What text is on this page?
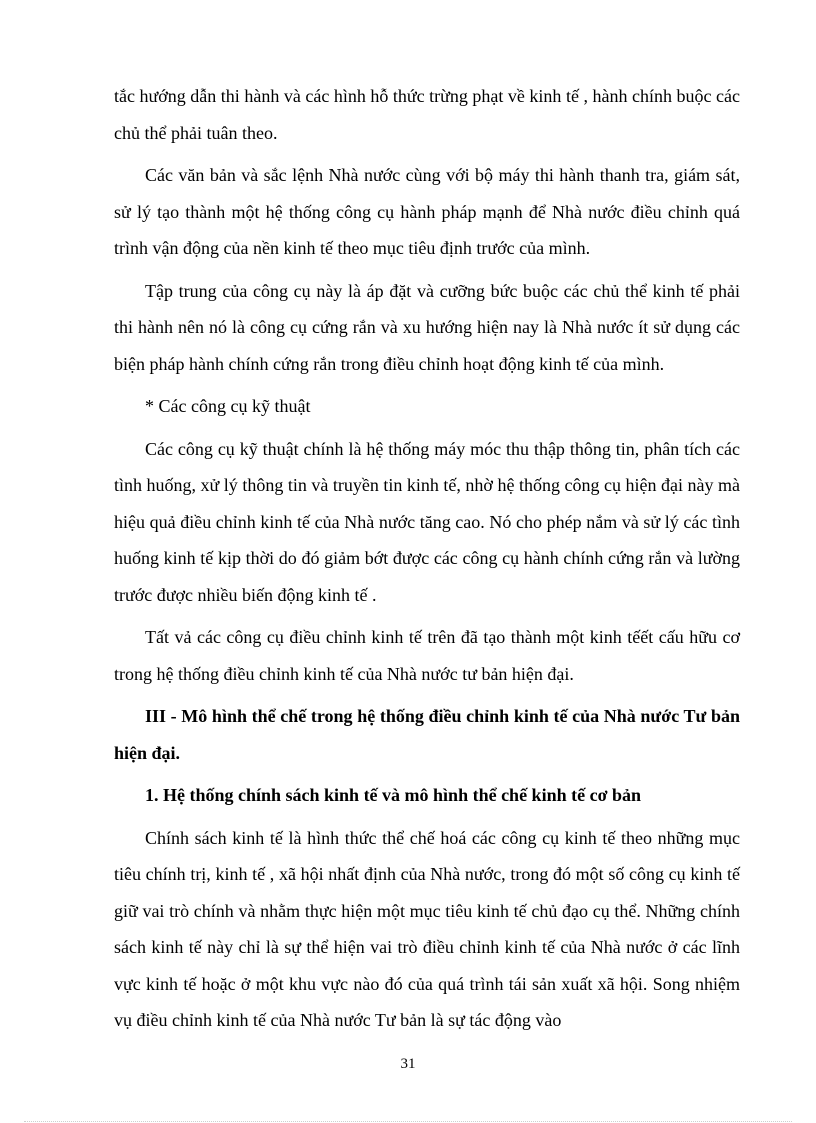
tắc hướng dẫn thi hành và các hình hỗ thức trừng phạt về kinh tế , hành chính buộc các chủ thể phải tuân theo.

Các văn bản và sắc lệnh Nhà nước cùng với bộ máy thi hành thanh tra, giám sát, sử lý tạo thành một hệ thống công cụ hành pháp mạnh để Nhà nước điều chỉnh quá trình vận động của nền kinh tế theo mục tiêu định trước của mình.

Tập trung của công cụ này là áp đặt và cưỡng bức buộc các chủ thể kinh tế phải thi hành nên nó là công cụ cứng rắn và xu hướng hiện nay là Nhà nước ít sử dụng các biện pháp hành chính cứng rắn trong điều chỉnh hoạt động kinh tế của mình.

* Các công cụ kỹ thuật

Các công cụ kỹ thuật chính là hệ thống máy móc thu thập thông tin, phân tích các tình huống, xử lý thông tin và truyền tin kinh tế, nhờ hệ thống công cụ hiện đại này mà hiệu quả điều chỉnh kinh tế của Nhà nước tăng cao. Nó cho phép nắm và sử lý các tình huống kinh tế kịp thời do đó giảm bớt được các công cụ hành chính cứng rắn và lường trước được nhiều biến động kinh tế .

Tất vả các công cụ điều chỉnh kinh tế trên đã tạo thành một kinh tếết cấu hữu cơ trong hệ thống điều chỉnh kinh tế của Nhà nước tư bản hiện đại.

III - Mô hình thể chế trong hệ thống điều chỉnh kinh tế của Nhà nước Tư bản hiện đại.

1. Hệ thống chính sách kinh tế và mô hình thể chế kinh tế cơ bản

Chính sách kinh tế là hình thức thể chế hoá các công cụ kinh tế theo những mục tiêu chính trị, kinh tế , xã hội nhất định của Nhà nước, trong đó một số công cụ kinh tế giữ vai trò chính và nhằm thực hiện một mục tiêu kinh tế chủ đạo cụ thể. Những chính sách kinh tế này chỉ là sự thể hiện vai trò điều chỉnh kinh tế của Nhà nước ở các lĩnh vực kinh tế hoặc ở một khu vực nào đó của quá trình tái sản xuất xã hội. Song nhiệm vụ điều chỉnh kinh tế của Nhà nước Tư bản là sự tác động vào

31
